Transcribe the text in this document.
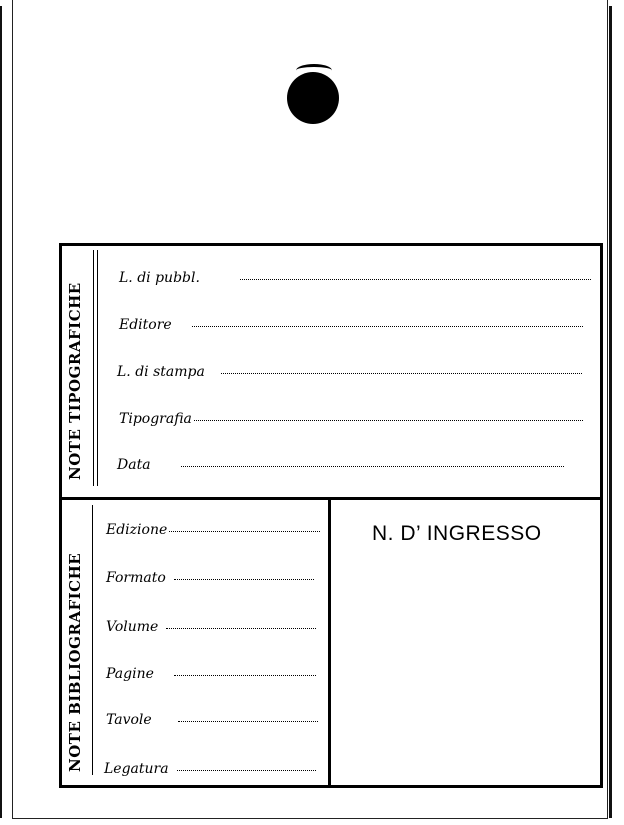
NOTE TIPOGRAFICHE
NOTE BIBLIOGRAFICHE
L. di pubbl.
Editore
L. di stampa
Tipografia
Data
Edizione
Formato
Volume
Pagine
Tavole
Legatura
N. D’ INGRESSO
